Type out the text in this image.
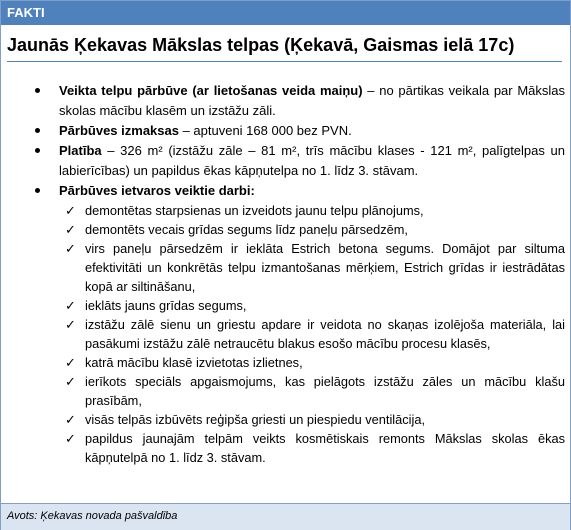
FAKTI
Jaunās Ķekavas Mākslas telpas (Ķekavā, Gaismas ielā 17c)

Veikta telpu pārbūve (ar lietošanas veida maiņu) – no pārtikas veikala par Mākslas skolas mācību klasēm un izstāžu zāli.

Pārbūves izmaksas – aptuveni 168 000 bez PVN.

Platība – 326 m² (izstāžu zāle – 81 m², trīs mācību klases - 121 m², palīgtelpas un labierīcības) un papildus ēkas kāpņutelpa no 1. līdz 3. stāvam.

Pārbūves ietvaros veiktie darbi:

✓ demontētas starpsienas un izveidots jaunu telpu plānojums,

✓ demontēts vecais grīdas segums līdz paneļu pārsedzēm,

✓ virs paneļu pārsedzēm ir ieklāta Estrich betona segums. Domājot par siltuma efektivitāti un konkrētās telpu izmantošanas mērķiem, Estrich grīdas ir iestrādātas kopā ar siltināšanu,

✓ ieklāts jauns grīdas segums,

✓ izstāžu zālē sienu un griestu apdare ir veidota no skaņas izolējoša materiāla, lai pasākumi izstāžu zālē netraucētu blakus esošo mācību procesu klasēs,

✓ katrā mācību klasē izvietotas izlietnes,

✓ ierīkots speciāls apgaismojums, kas pielāgots izstāžu zāles un mācību klašu prasībām,

✓ visās telpās izbūvēts reģipša griesti un piespiedu ventilācija,

✓ papildus jaunajām telpām veikts kosmētiskais remonts Mākslas skolas ēkas kāpņutelpā no 1. līdz 3. stāvam.

Avots: Ķekavas novada pašvaldība
